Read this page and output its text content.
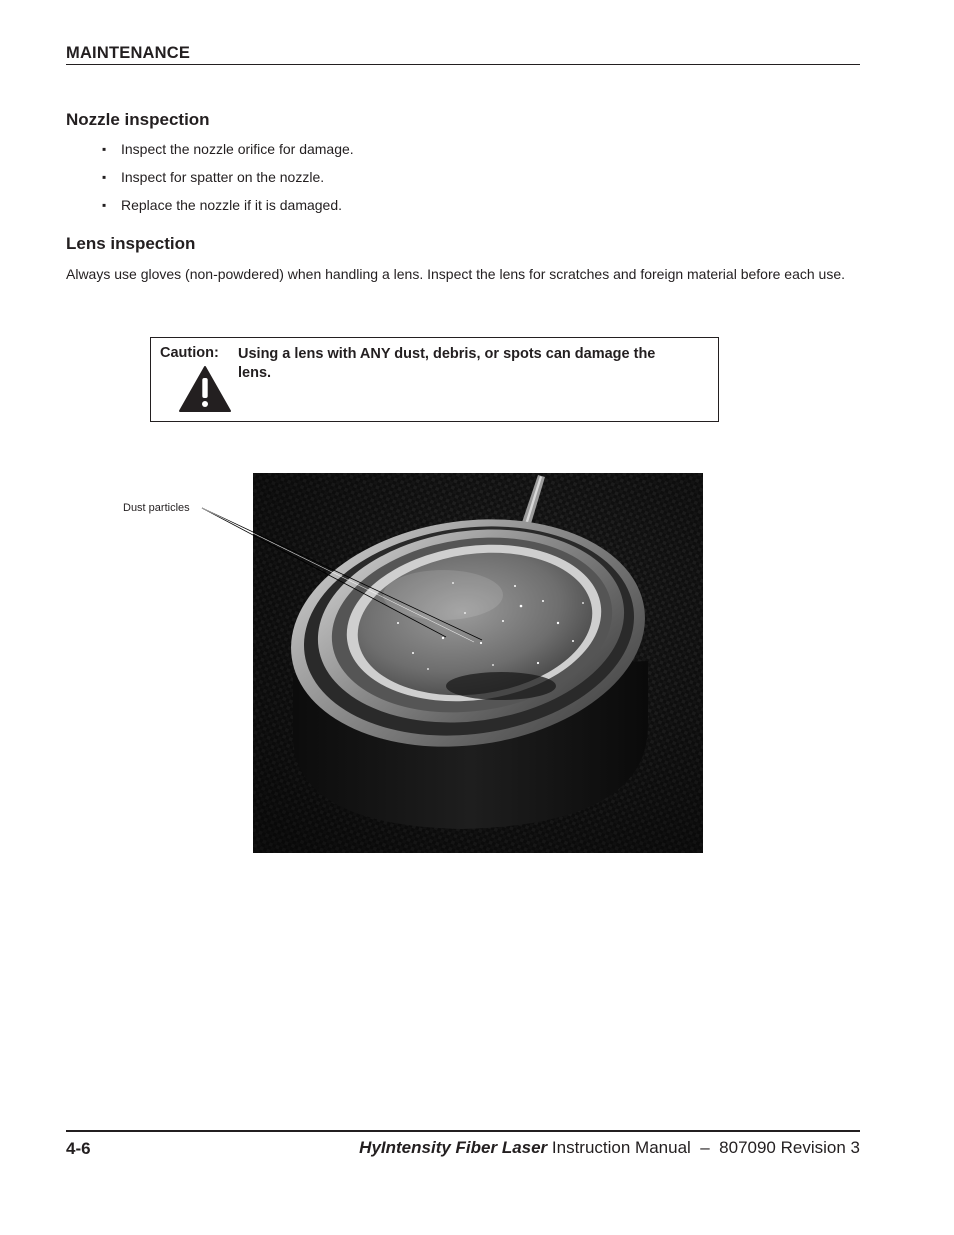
MAINTENANCE
Nozzle inspection
▪ Inspect the nozzle orifice for damage.
▪ Inspect for spatter on the nozzle.
▪ Replace the nozzle if it is damaged.
Lens inspection
Always use gloves (non-powdered) when handling a lens. Inspect the lens for scratches and foreign material before each use.
Caution: Using a lens with ANY dust, debris, or spots can damage the lens.
Dust particles
4-6	HyIntensity Fiber Laser Instruction Manual  –  807090 Revision 3
